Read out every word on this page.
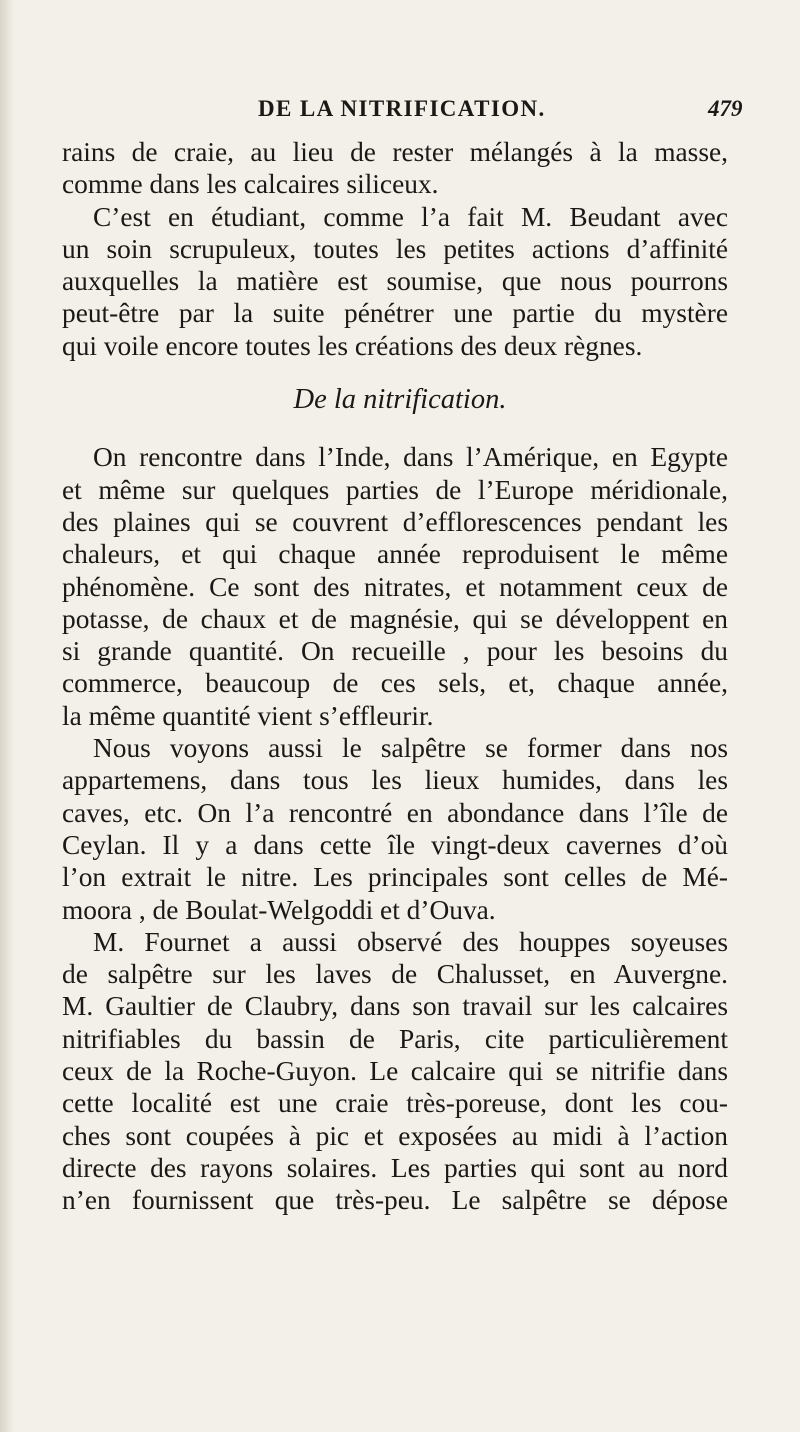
DE LA NITRIFICATION.	479
rains de craie, au lieu de rester mélangés à la masse,
comme dans les calcaires siliceux.
C’est en étudiant, comme l’a fait M. Beudant avec
un soin scrupuleux, toutes les petites actions d’affinité
auxquelles la matière est soumise, que nous pourrons
peut-être par la suite pénétrer une partie du mystère
qui voile encore toutes les créations des deux règnes.
De la nitrification.
On rencontre dans l’Inde, dans l’Amérique, en Egypte
et même sur quelques parties de l’Europe méridionale,
des plaines qui se couvrent d’efflorescences pendant les
chaleurs, et qui chaque année reproduisent le même
phénomène. Ce sont des nitrates, et notamment ceux de
potasse, de chaux et de magnésie, qui se développent en
si grande quantité. On recueille , pour les besoins du
commerce, beaucoup de ces sels, et, chaque année,
la même quantité vient s’effleurir.
Nous voyons aussi le salpêtre se former dans nos
appartemens, dans tous les lieux humides, dans les
caves, etc. On l’a rencontré en abondance dans l’île de
Ceylan. Il y a dans cette île vingt-deux cavernes d’où
l’on extrait le nitre. Les principales sont celles de Mé-
moora , de Boulat-Welgoddi et d’Ouva.
M. Fournet a aussi observé des houppes soyeuses
de salpêtre sur les laves de Chalusset, en Auvergne.
M. Gaultier de Claubry, dans son travail sur les calcaires
nitrifiables du bassin de Paris, cite particulièrement
ceux de la Roche-Guyon. Le calcaire qui se nitrifie dans
cette localité est une craie très-poreuse, dont les cou-
ches sont coupées à pic et exposées au midi à l’action
directe des rayons solaires. Les parties qui sont au nord
n’en fournissent que très-peu. Le salpêtre se dépose
